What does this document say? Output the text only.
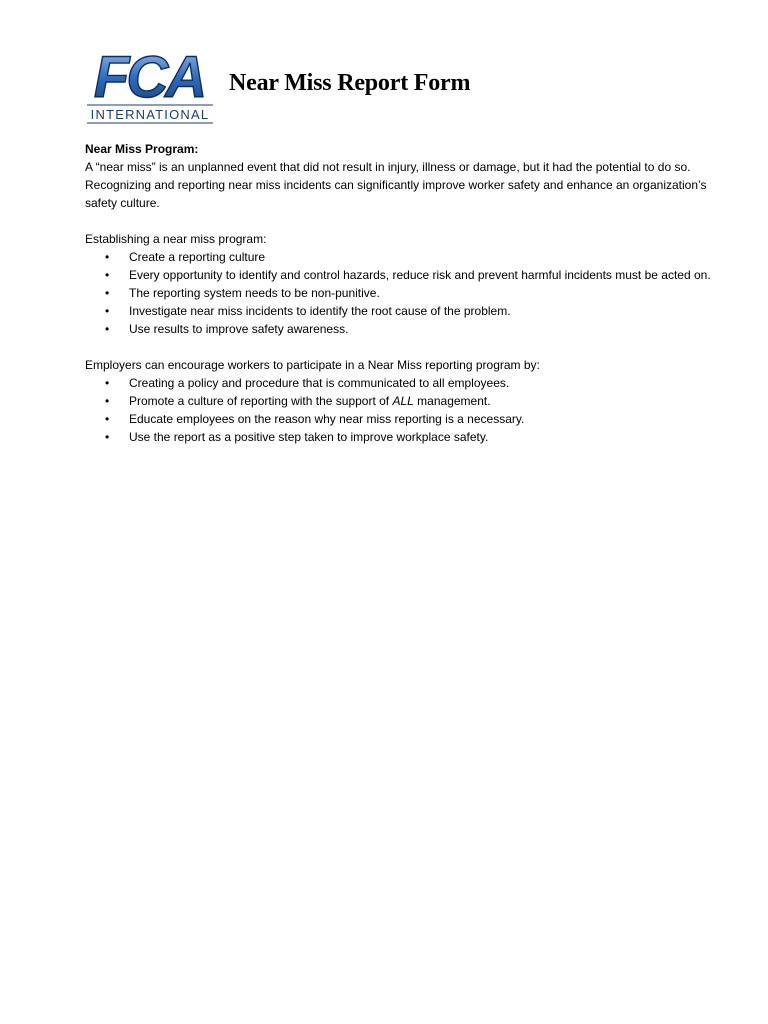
FCA
INTERNATIONAL
Near Miss Report Form

Near Miss Program:

A “near miss” is an unplanned event that did not result in injury, illness or damage, but it had the potential to do so. Recognizing and reporting near miss incidents can significantly improve worker safety and enhance an organization’s safety culture.

Establishing a near miss program:

• Create a reporting culture
• Every opportunity to identify and control hazards, reduce risk and prevent harmful incidents must be acted on.
• The reporting system needs to be non-punitive.
• Investigate near miss incidents to identify the root cause of the problem.
• Use results to improve safety awareness.

Employers can encourage workers to participate in a Near Miss reporting program by:

• Creating a policy and procedure that is communicated to all employees.
• Promote a culture of reporting with the support of ALL management.
• Educate employees on the reason why near miss reporting is a necessary.
• Use the report as a positive step taken to improve workplace safety.
